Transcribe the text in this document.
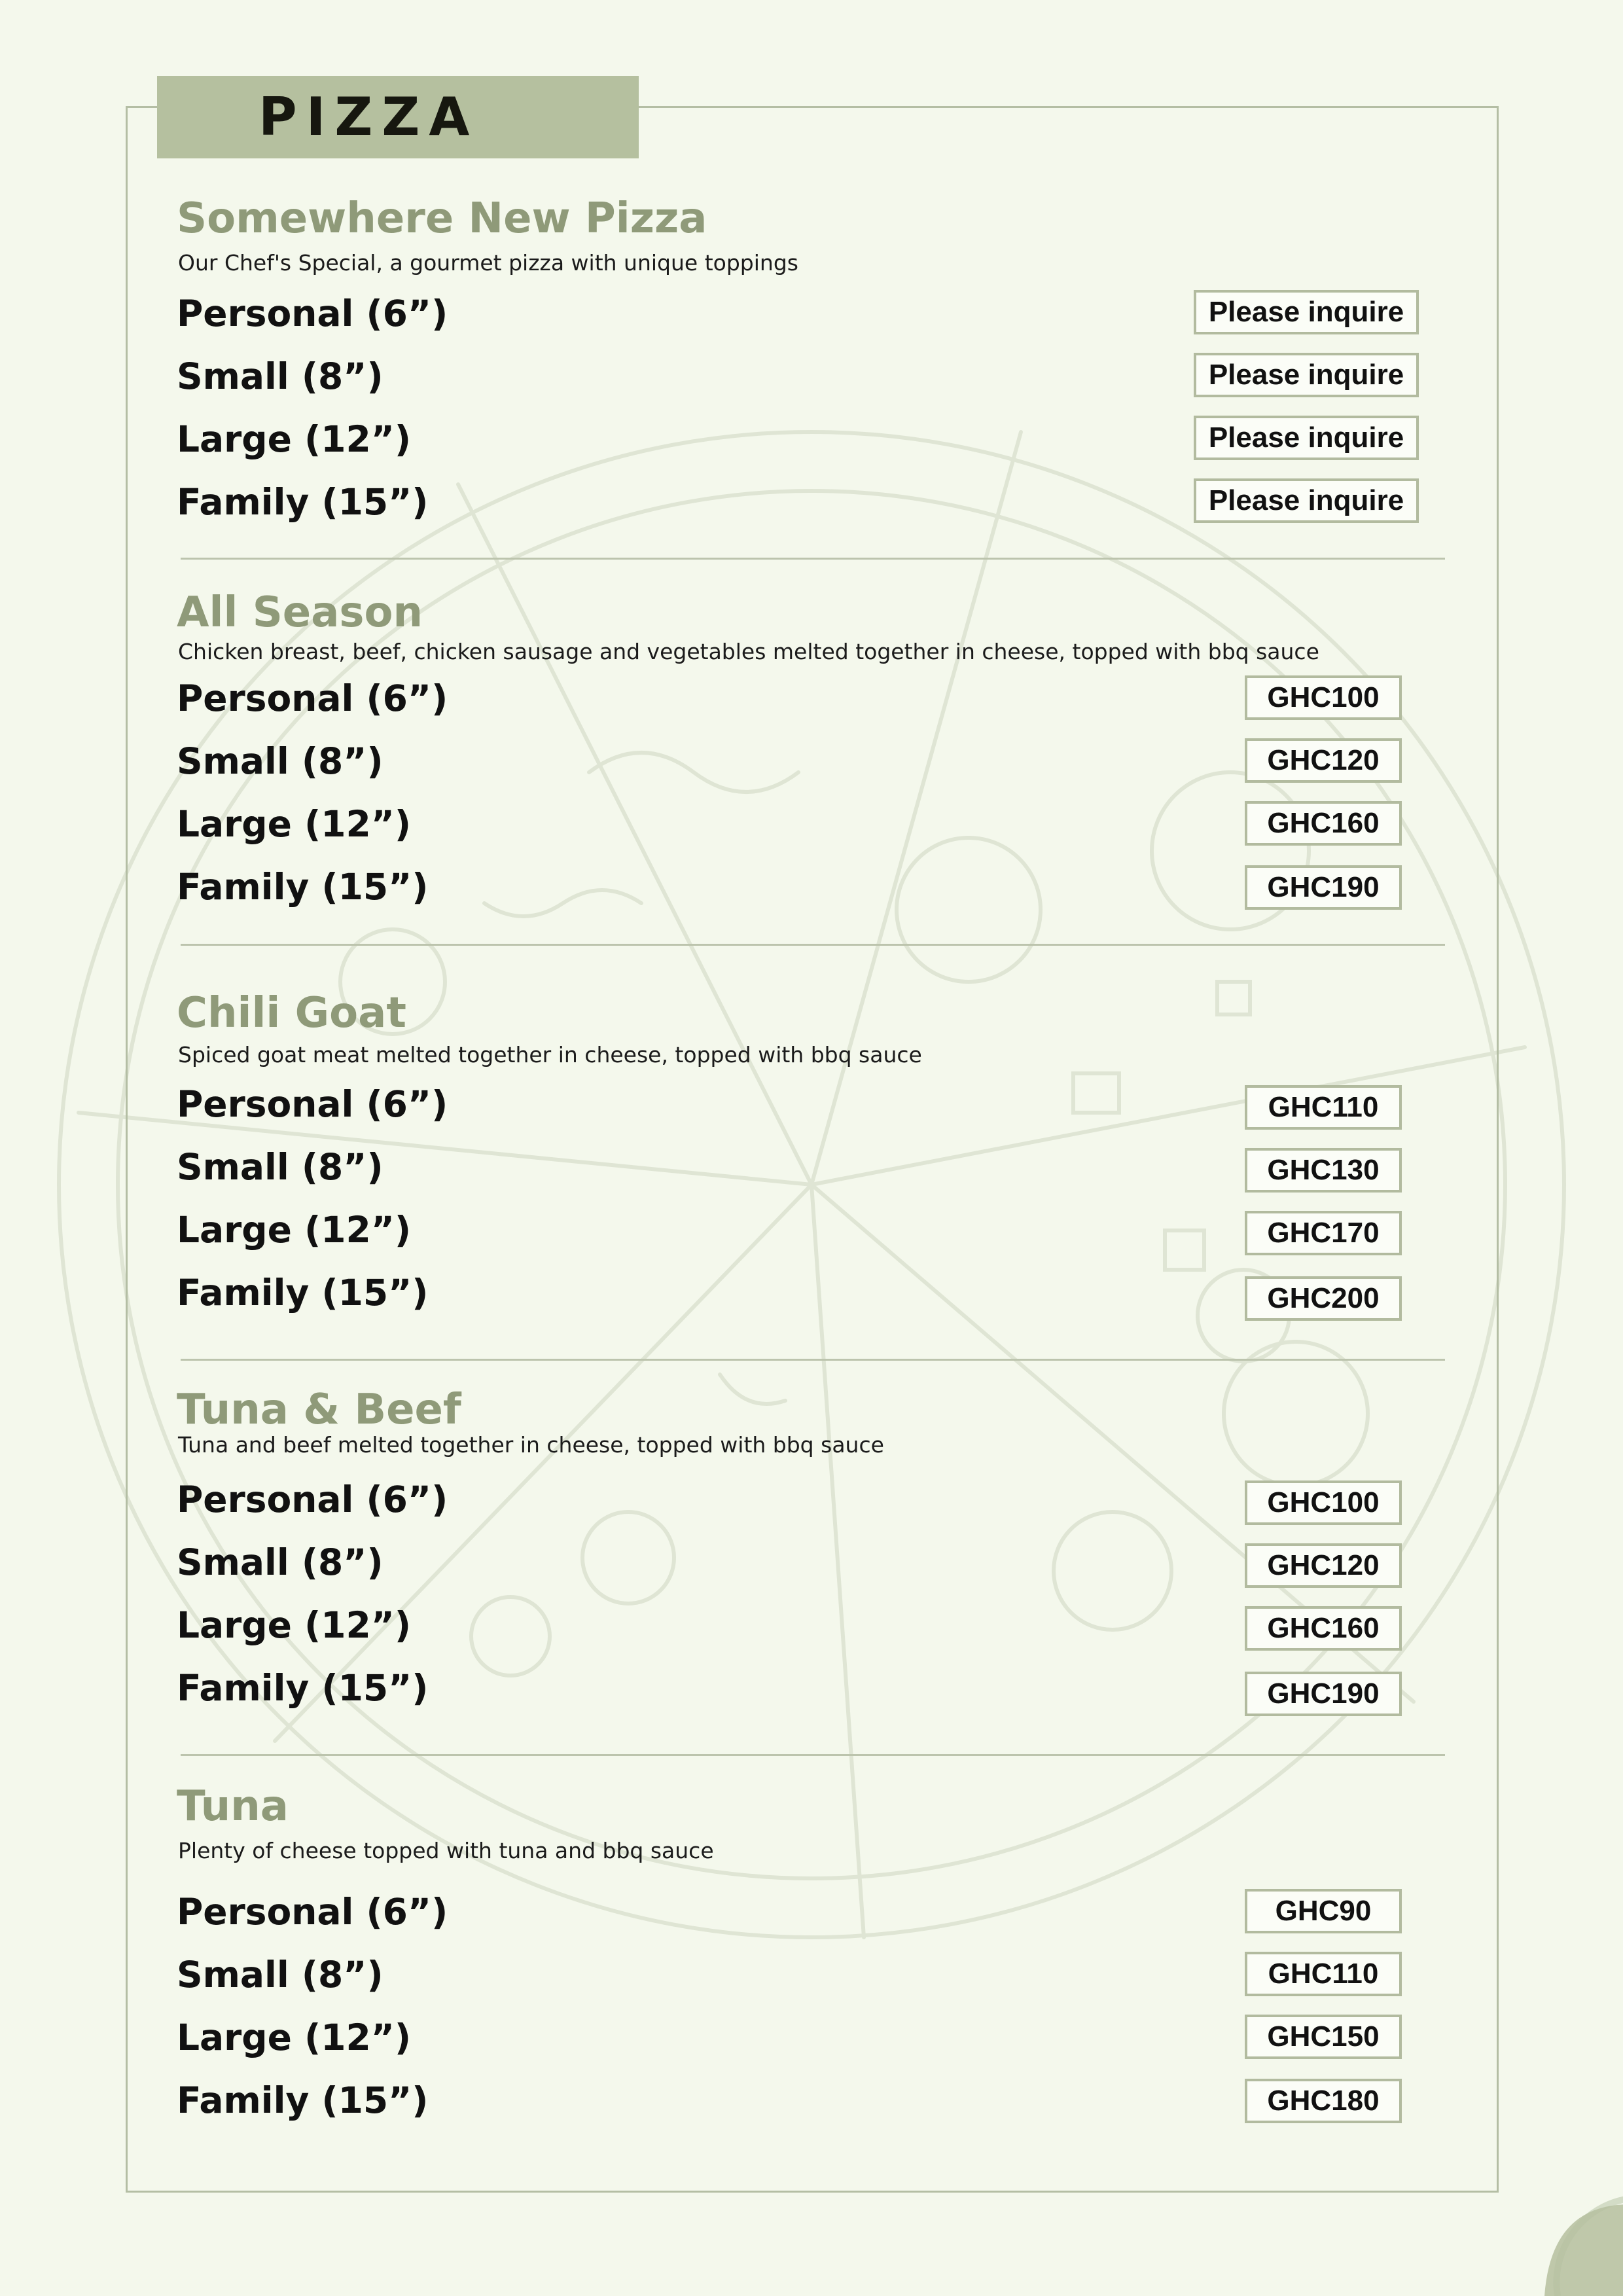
PIZZA
Somewhere New Pizza
Our Chef's Special, a gourmet pizza with unique toppings
Personal (6”)	Please inquire
Small (8”)	Please inquire
Large (12”)	Please inquire
Family (15”)	Please inquire
All Season
Chicken breast, beef, chicken sausage and vegetables melted together in cheese, topped with bbq sauce
Personal (6”)	GHC100
Small (8”)	GHC120
Large (12”)	GHC160
Family (15”)	GHC190
Chili Goat
Spiced goat meat melted together in cheese, topped with bbq sauce
Personal (6”)	GHC110
Small (8”)	GHC130
Large (12”)	GHC170
Family (15”)	GHC200
Tuna & Beef
Tuna and beef melted together in cheese, topped with bbq sauce
Personal (6”)	GHC100
Small (8”)	GHC120
Large (12”)	GHC160
Family (15”)	GHC190
Tuna
Plenty of cheese topped with tuna and bbq sauce
Personal (6”)	GHC90
Small (8”)	GHC110
Large (12”)	GHC150
Family (15”)	GHC180
